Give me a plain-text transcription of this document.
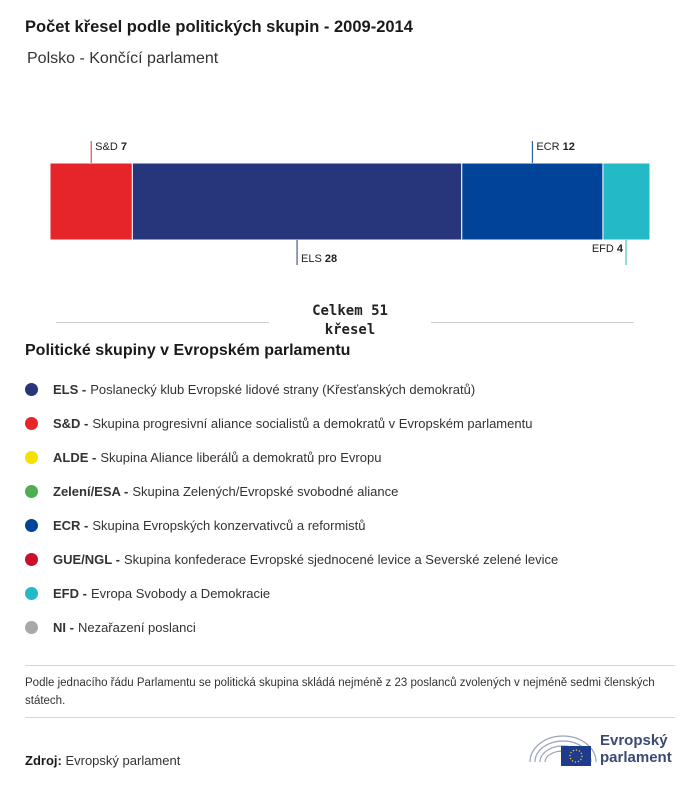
Počet křesel podle politických skupin - 2009-2014
Polsko - Končící parlament
S&D 7
ELS 28
ECR 12
EFD 4
Celkem 51
křesel
Politické skupiny v Evropském parlamentu
ELS - Poslanecký klub Evropské lidové strany (Křesťanských demokratů)
S&D - Skupina progresivní aliance socialistů a demokratů v Evropském parlamentu
ALDE - Skupina Aliance liberálů a demokratů pro Evropu
Zelení/ESA - Skupina Zelených/Evropské svobodné aliance
ECR - Skupina Evropských konzervativců a reformistů
GUE/NGL - Skupina konfederace Evropské sjednocené levice a Severské zelené levice
EFD - Evropa Svobody a Demokracie
NI - Nezařazení poslanci
Podle jednacího řádu Parlamentu se politická skupina skládá nejméně z 23 poslanců zvolených v nejméně sedmi členských státech.
Zdroj: Evropský parlament
Evropský
parlament
